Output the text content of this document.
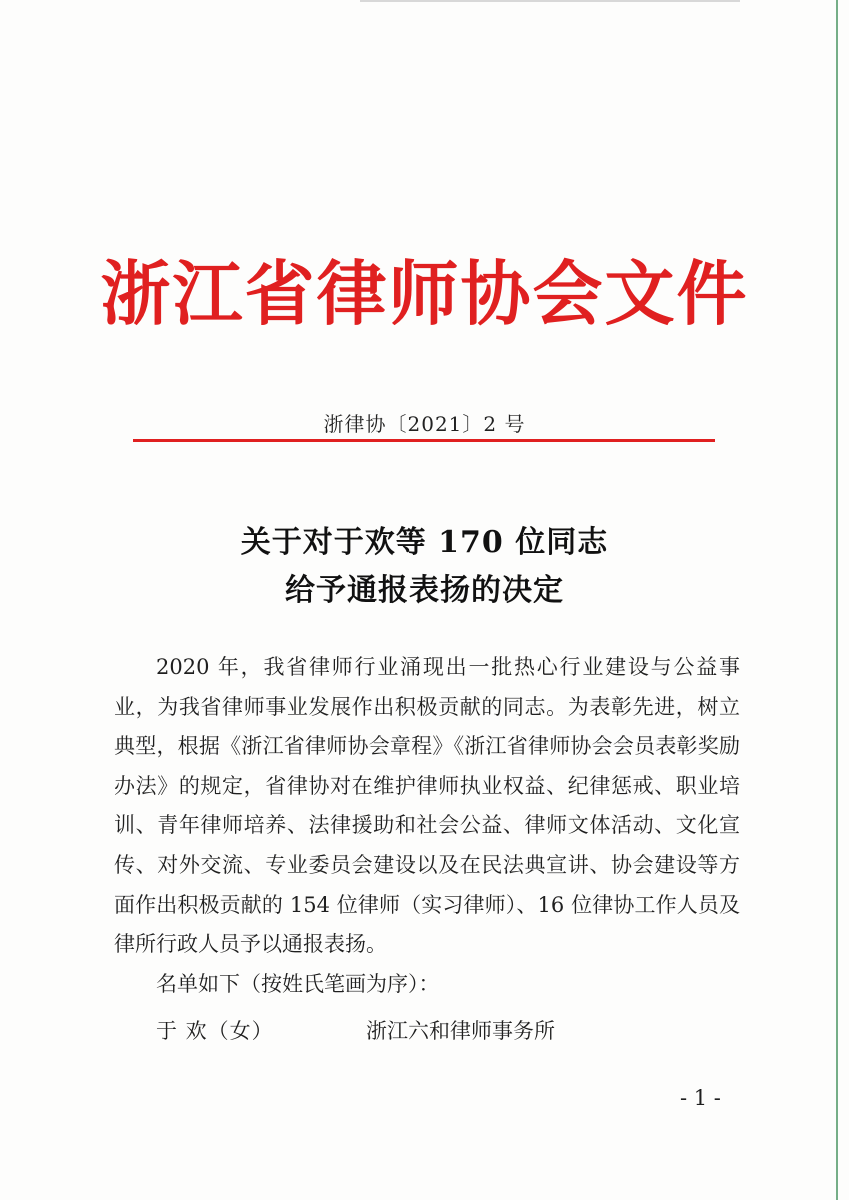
浙江省律师协会文件
浙律协〔2021〕2 号
关于对于欢等 170 位同志
给予通报表扬的决定
2020 年，我省律师行业涌现出一批热心行业建设与公益事业，为我省律师事业发展作出积极贡献的同志。为表彰先进，树立典型，根据《浙江省律师协会章程》《浙江省律师协会会员表彰奖励办法》的规定，省律协对在维护律师执业权益、纪律惩戒、职业培训、青年律师培养、法律援助和社会公益、律师文体活动、文化宣传、对外交流、专业委员会建设以及在民法典宣讲、协会建设等方面作出积极贡献的 154 位律师（实习律师）、16 位律协工作人员及律所行政人员予以通报表扬。
名单如下（按姓氏笔画为序）：
于 欢（女）	浙江六和律师事务所
- 1 -
